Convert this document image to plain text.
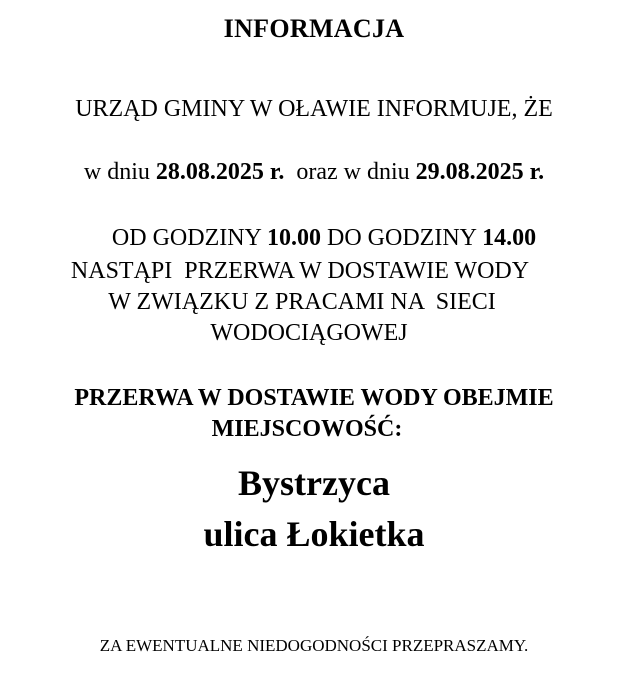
INFORMACJA
URZĄD GMINY W OŁAWIE INFORMUJE, ŻE
w dniu 28.08.2025 r.  oraz w dniu 29.08.2025 r.
OD GODZINY 10.00 DO GODZINY 14.00
NASTĄPI  PRZERWA W DOSTAWIE WODY
W ZWIĄZKU Z PRACAMI NA  SIECI
WODOCIĄGOWEJ
PRZERWA W DOSTAWIE WODY OBEJMIE
MIEJSCOWOŚĆ:
Bystrzyca
ulica Łokietka
ZA EWENTUALNE NIEDOGODNOŚCI PRZEPRASZAMY.
